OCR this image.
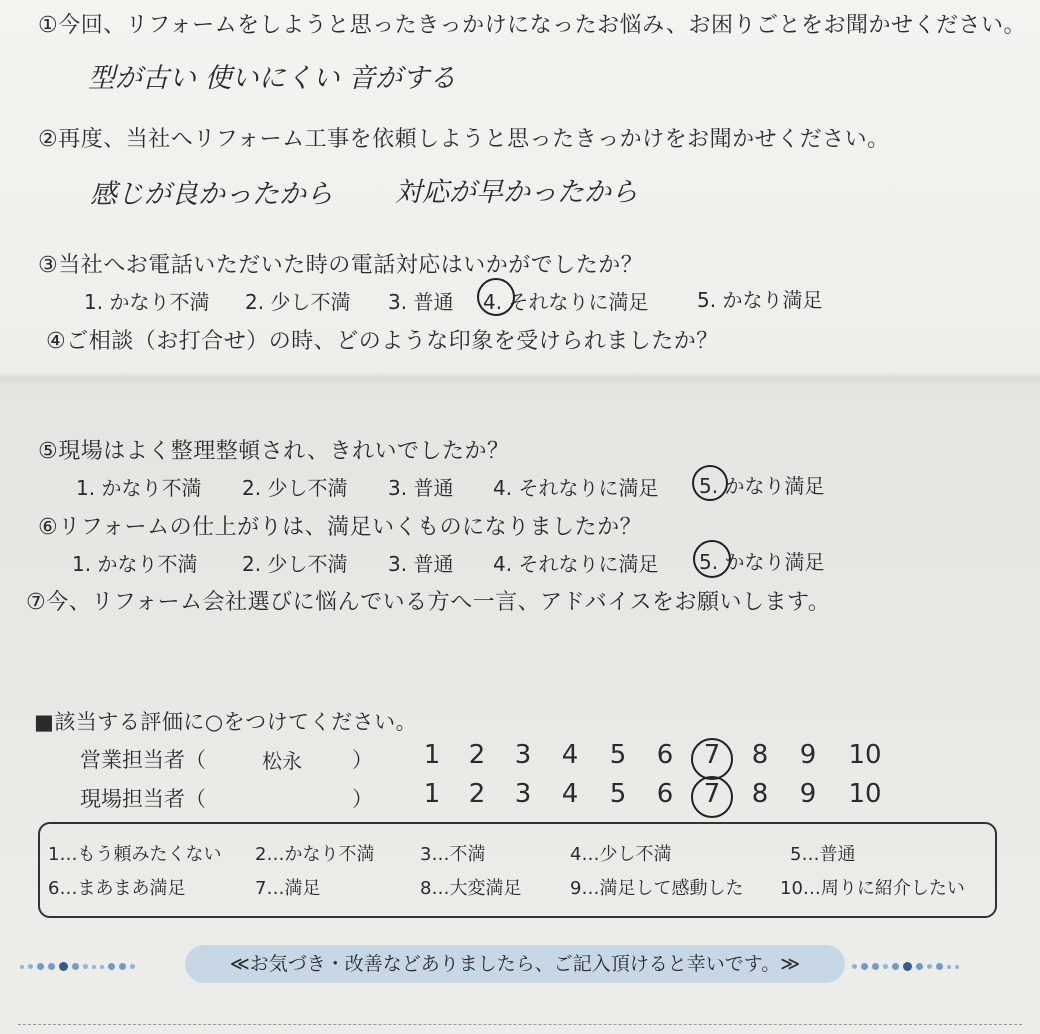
①今回、リフォームをしようと思ったきっかけになったお悩み、お困りごとをお聞かせください。
型が古い 使いにくい 音がする
②再度、当社へリフォーム工事を依頼しようと思ったきっかけをお聞かせください。
感じが良かったから 対応が早かったから
③当社へお電話いただいた時の電話対応はいかがでしたか？
1. かなり不満 2. 少し不満 3. 普通 4. それなりに満足 5. かなり満足
④ご相談（お打合せ）の時、どのような印象を受けられましたか？
⑤現場はよく整理整頓され、きれいでしたか？
1. かなり不満 2. 少し不満 3. 普通 4. それなりに満足 5. かなり満足
⑥リフォームの仕上がりは、満足いくものになりましたか？
1. かなり不満 2. 少し不満 3. 普通 4. それなりに満足 5. かなり満足
⑦今、リフォーム会社選びに悩んでいる方へ一言、アドバイスをお願いします。
■該当する評価に○をつけてください。
営業担当者（	松永 ）	1	2	3	4	5	6	7	8	9	10
現場担当者（	）	1	2	3	4	5	6	7	8	9	10
1…もう頼みたくない 2…かなり不満	3…不満	4…少し不満	5…普通
6…まあまあ満足	7…満足	8…大変満足	9…満足して感動した 10…周りに紹介したい
≪お気づき・改善などありましたら、ご記入頂けると幸いです。≫
